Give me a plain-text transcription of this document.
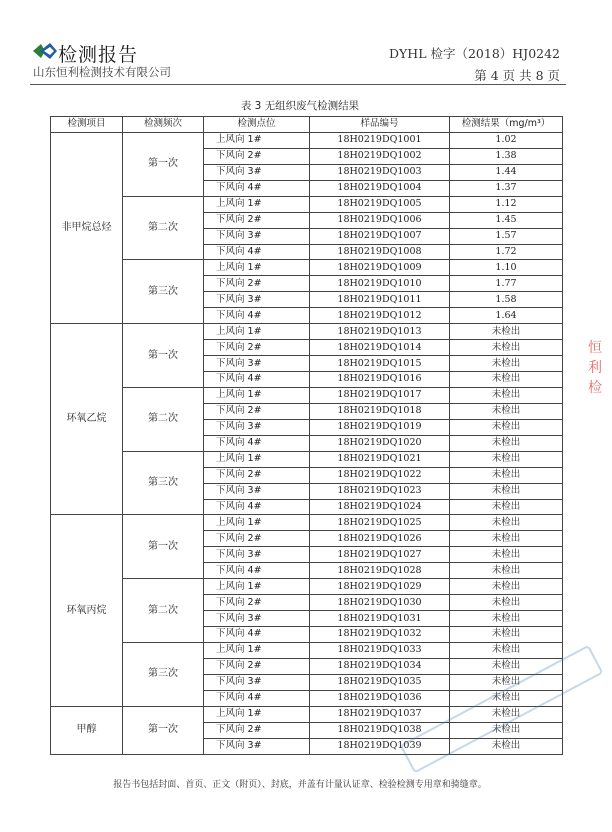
检测报告
山东恒利检测技术有限公司
DYHL 检字（2018）HJ0242
第 4 页 共 8 页
表 3 无组织废气检测结果
检测项目	检测频次	检测点位	样品编号	检测结果（mg/m³）
非甲烷总烃	第一次	上风向 1#	18H0219DQ1001	1.02
		下风向 2#	18H0219DQ1002	1.38
		下风向 3#	18H0219DQ1003	1.44
		下风向 4#	18H0219DQ1004	1.37
	第二次	上风向 1#	18H0219DQ1005	1.12
		下风向 2#	18H0219DQ1006	1.45
		下风向 3#	18H0219DQ1007	1.57
		下风向 4#	18H0219DQ1008	1.72
	第三次	上风向 1#	18H0219DQ1009	1.10
		下风向 2#	18H0219DQ1010	1.77
		下风向 3#	18H0219DQ1011	1.58
		下风向 4#	18H0219DQ1012	1.64
环氧乙烷	第一次	上风向 1#	18H0219DQ1013	未检出
		下风向 2#	18H0219DQ1014	未检出
		下风向 3#	18H0219DQ1015	未检出
		下风向 4#	18H0219DQ1016	未检出
	第二次	上风向 1#	18H0219DQ1017	未检出
		下风向 2#	18H0219DQ1018	未检出
		下风向 3#	18H0219DQ1019	未检出
		下风向 4#	18H0219DQ1020	未检出
	第三次	上风向 1#	18H0219DQ1021	未检出
		下风向 2#	18H0219DQ1022	未检出
		下风向 3#	18H0219DQ1023	未检出
		下风向 4#	18H0219DQ1024	未检出
环氧丙烷	第一次	上风向 1#	18H0219DQ1025	未检出
		下风向 2#	18H0219DQ1026	未检出
		下风向 3#	18H0219DQ1027	未检出
		下风向 4#	18H0219DQ1028	未检出
	第二次	上风向 1#	18H0219DQ1029	未检出
		下风向 2#	18H0219DQ1030	未检出
		下风向 3#	18H0219DQ1031	未检出
		下风向 4#	18H0219DQ1032	未检出
	第三次	上风向 1#	18H0219DQ1033	未检出
		下风向 2#	18H0219DQ1034	未检出
		下风向 3#	18H0219DQ1035	未检出
		下风向 4#	18H0219DQ1036	未检出
甲醇	第一次	上风向 1#	18H0219DQ1037	未检出
		下风向 2#	18H0219DQ1038	未检出
		下风向 3#	18H0219DQ1039	未检出
恒
利
检
报告书包括封面、首页、正文（附页）、封底，并盖有计量认证章、检验检测专用章和骑缝章。
